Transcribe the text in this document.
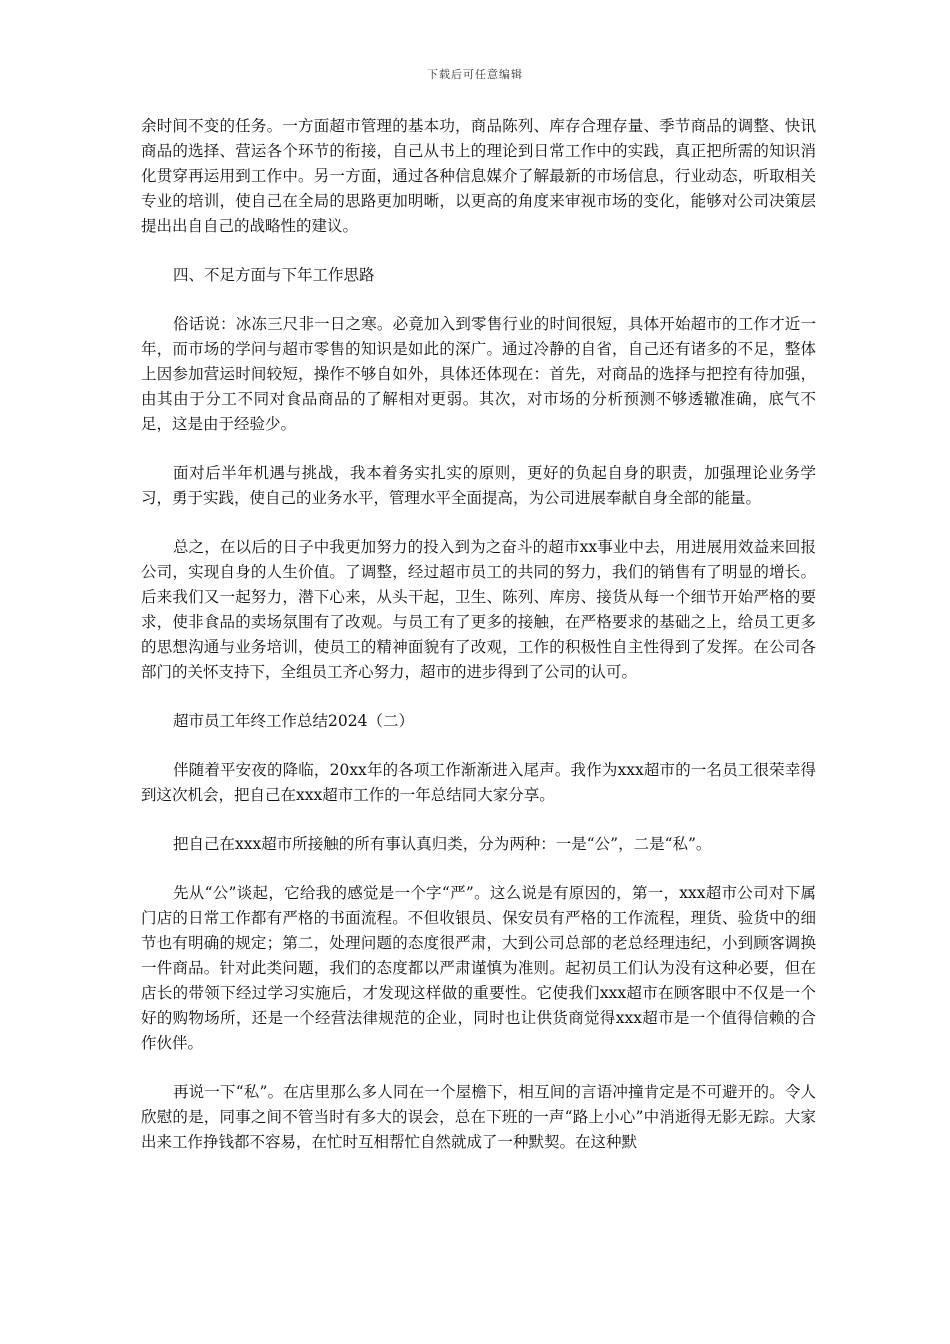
下载后可任意编辑

余时间不变的任务。一方面超市管理的基本功，商品陈列、库存合理存量、季节商品的调整、快讯商品的选择、营运各个环节的衔接，自己从书上的理论到日常工作中的实践，真正把所需的知识消化贯穿再运用到工作中。另一方面，通过各种信息媒介了解最新的市场信息，行业动态，听取相关专业的培训，使自己在全局的思路更加明晰，以更高的角度来审视市场的变化，能够对公司决策层提出出自自己的战略性的建议。

四、不足方面与下年工作思路

俗话说：冰冻三尺非一日之寒。必竟加入到零售行业的时间很短，具体开始超市的工作才近一年，而市场的学问与超市零售的知识是如此的深广。通过冷静的自省，自己还有诸多的不足，整体上因参加营运时间较短，操作不够自如外，具体还体现在：首先，对商品的选择与把控有待加强，由其由于分工不同对食品商品的了解相对更弱。其次，对市场的分析预测不够透辙准确，底气不足，这是由于经验少。

面对后半年机遇与挑战，我本着务实扎实的原则，更好的负起自身的职责，加强理论业务学习，勇于实践，使自己的业务水平，管理水平全面提高，为公司进展奉献自身全部的能量。

总之，在以后的日子中我更加努力的投入到为之奋斗的超市xx事业中去，用进展用效益来回报公司，实现自身的人生价值。了调整，经过超市员工的共同的努力，我们的销售有了明显的增长。后来我们又一起努力，潜下心来，从头干起，卫生、陈列、库房、接货从每一个细节开始严格的要求，使非食品的卖场氛围有了改观。与员工有了更多的接触，在严格要求的基础之上，给员工更多的思想沟通与业务培训，使员工的精神面貌有了改观，工作的积极性自主性得到了发挥。在公司各部门的关怀支持下，全组员工齐心努力，超市的进步得到了公司的认可。

超市员工年终工作总结2024（二）

伴随着平安夜的降临，20xx年的各项工作渐渐进入尾声。我作为xxx超市的一名员工很荣幸得到这次机会，把自己在xxx超市工作的一年总结同大家分享。

把自己在xxx超市所接触的所有事认真归类，分为两种：一是“公”，二是“私”。

先从“公”谈起，它给我的感觉是一个字“严”。这么说是有原因的，第一，xxx超市公司对下属门店的日常工作都有严格的书面流程。不但收银员、保安员有严格的工作流程，理货、验货中的细节也有明确的规定；第二，处理问题的态度很严肃，大到公司总部的老总经理违纪，小到顾客调换一件商品。针对此类问题，我们的态度都以严肃谨慎为准则。起初员工们认为没有这种必要，但在店长的带领下经过学习实施后，才发现这样做的重要性。它使我们xxx超市在顾客眼中不仅是一个好的购物场所，还是一个经营法律规范的企业，同时也让供货商觉得xxx超市是一个值得信赖的合作伙伴。

再说一下“私”。在店里那么多人同在一个屋檐下，相互间的言语冲撞肯定是不可避开的。令人欣慰的是，同事之间不管当时有多大的误会，总在下班的一声“路上小心”中消逝得无影无踪。大家出来工作挣钱都不容易，在忙时互相帮忙自然就成了一种默契。在这种默
